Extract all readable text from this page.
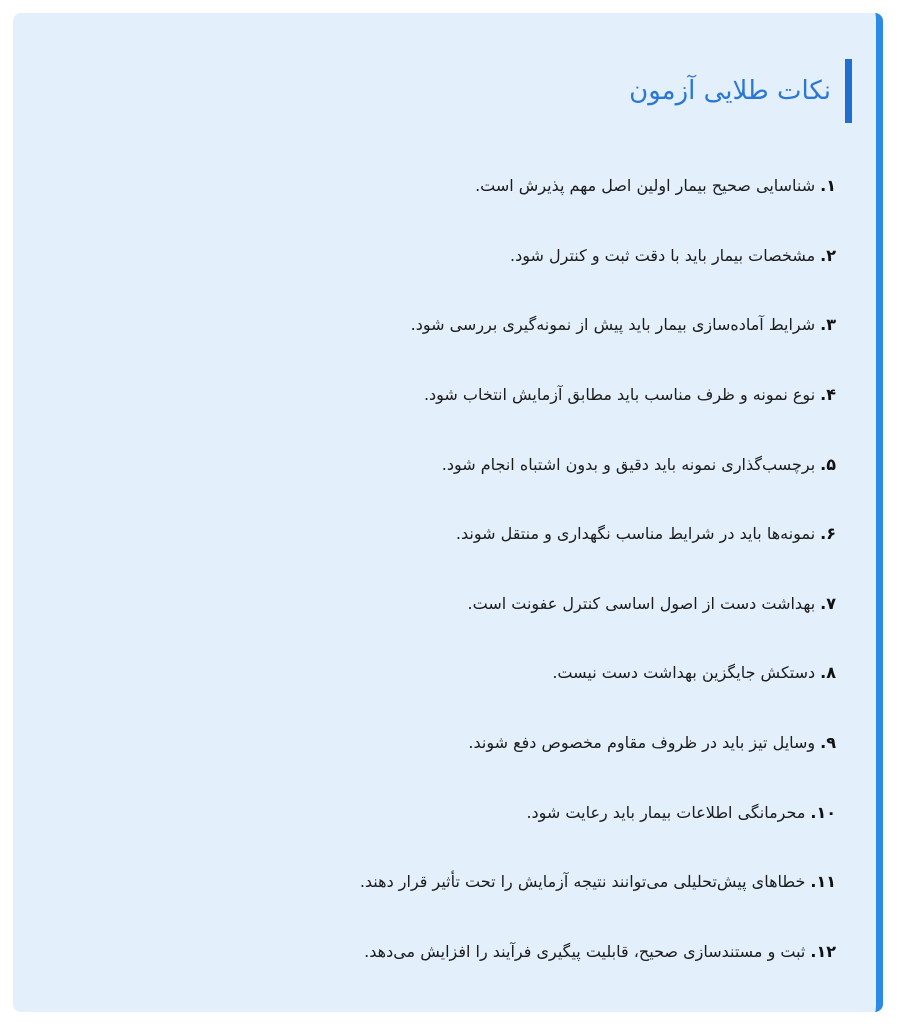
نکات طلایی آزمون
۱
.
شناسایی صحیح بیمار اولین اصل مهم پذیرش است.
۲
.
مشخصات بیمار باید با دقت ثبت و کنترل شود.
۳
.
شرایط آماده‌سازی بیمار باید پیش از نمونه‌گیری بررسی شود.
۴
.
نوع نمونه و ظرف مناسب باید مطابق آزمایش انتخاب شود.
۵
.
برچسب‌گذاری نمونه باید دقیق و بدون اشتباه انجام شود.
۶
.
نمونه‌ها باید در شرایط مناسب نگهداری و منتقل شوند.
۷
.
بهداشت دست از اصول اساسی کنترل عفونت است.
۸
.
دستکش جایگزین بهداشت دست نیست.
۹
.
وسایل تیز باید در ظروف مقاوم مخصوص دفع شوند.
۱۰
.
محرمانگی اطلاعات بیمار باید رعایت شود.
۱۱
.
خطاهای پیش‌تحلیلی می‌توانند نتیجه آزمایش را تحت تأثیر قرار دهند.
۱۲
.
ثبت و مستندسازی صحیح، قابلیت پیگیری فرآیند را افزایش می‌دهد.
